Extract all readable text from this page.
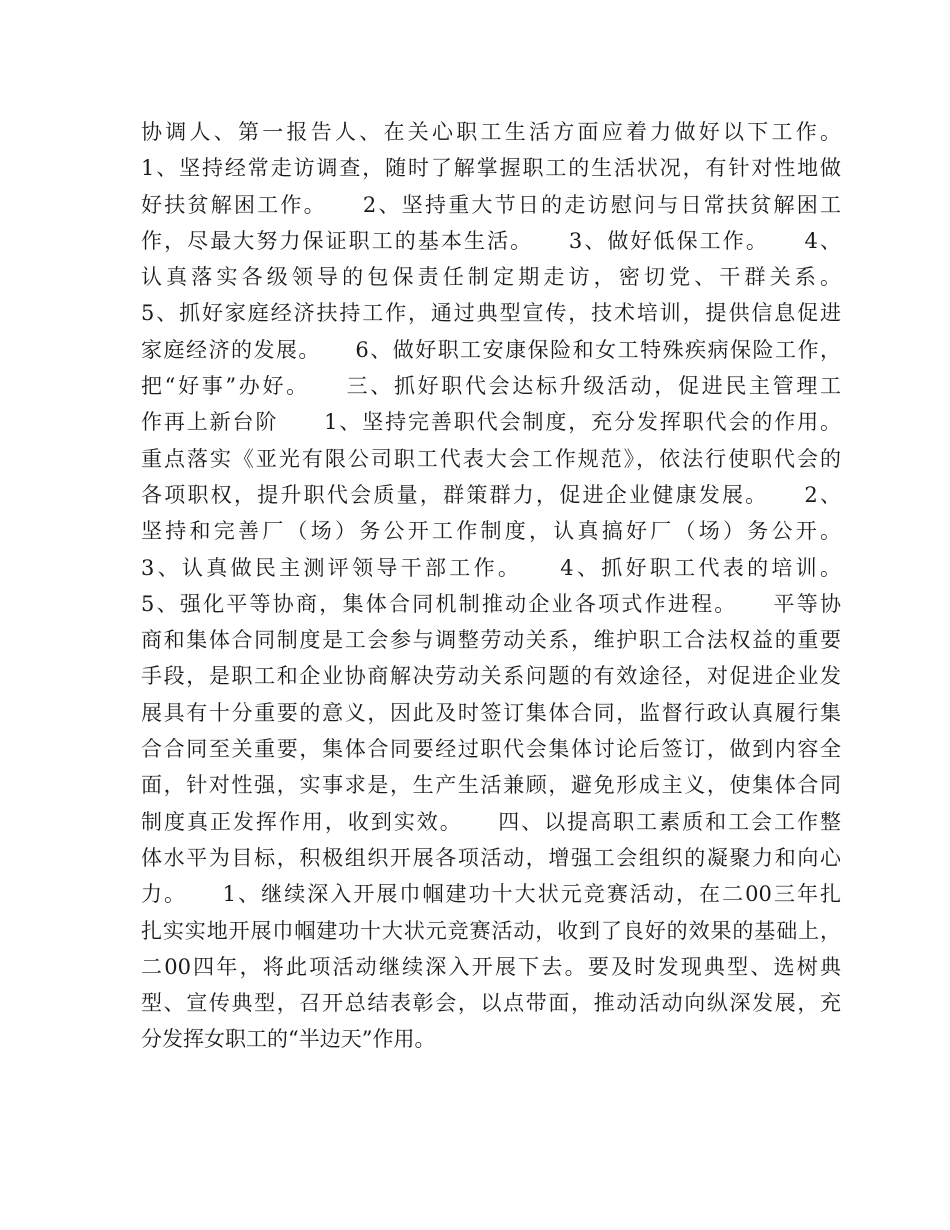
协调人、第一报告人、在关心职工生活方面应着力做好以下工作。
1、坚持经常走访调查，随时了解掌握职工的生活状况，有针对性地做
好扶贫解困工作。　　2、坚持重大节日的走访慰问与日常扶贫解困工
作，尽最大努力保证职工的基本生活。　　3、做好低保工作。　　4、
认真落实各级领导的包保责任制定期走访，密切党、干群关系。
5、抓好家庭经济扶持工作，通过典型宣传，技术培训，提供信息促进
家庭经济的发展。　　6、做好职工安康保险和女工特殊疾病保险工作，
把“好事”办好。　　三、抓好职代会达标升级活动，促进民主管理工
作再上新台阶　　1、坚持完善职代会制度，充分发挥职代会的作用。
重点落实《亚光有限公司职工代表大会工作规范》，依法行使职代会的
各项职权，提升职代会质量，群策群力，促进企业健康发展。　　2、
坚持和完善厂（场）务公开工作制度，认真搞好厂（场）务公开。
3、认真做民主测评领导干部工作。　　4、抓好职工代表的培训。
5、强化平等协商，集体合同机制推动企业各项式作进程。　　平等协
商和集体合同制度是工会参与调整劳动关系，维护职工合法权益的重要
手段，是职工和企业协商解决劳动关系问题的有效途径，对促进企业发
展具有十分重要的意义，因此及时签订集体合同，监督行政认真履行集
合合同至关重要，集体合同要经过职代会集体讨论后签订，做到内容全
面，针对性强，实事求是，生产生活兼顾，避免形成主义，使集体合同
制度真正发挥作用，收到实效。　　四、以提高职工素质和工会工作整
体水平为目标，积极组织开展各项活动，增强工会组织的凝聚力和向心
力。　　1、继续深入开展巾帼建功十大状元竞赛活动，在二00三年扎
扎实实地开展巾帼建功十大状元竞赛活动，收到了良好的效果的基础上，
二00四年，将此项活动继续深入开展下去。要及时发现典型、选树典
型、宣传典型，召开总结表彰会，以点带面，推动活动向纵深发展，充
分发挥女职工的“半边天”作用。
